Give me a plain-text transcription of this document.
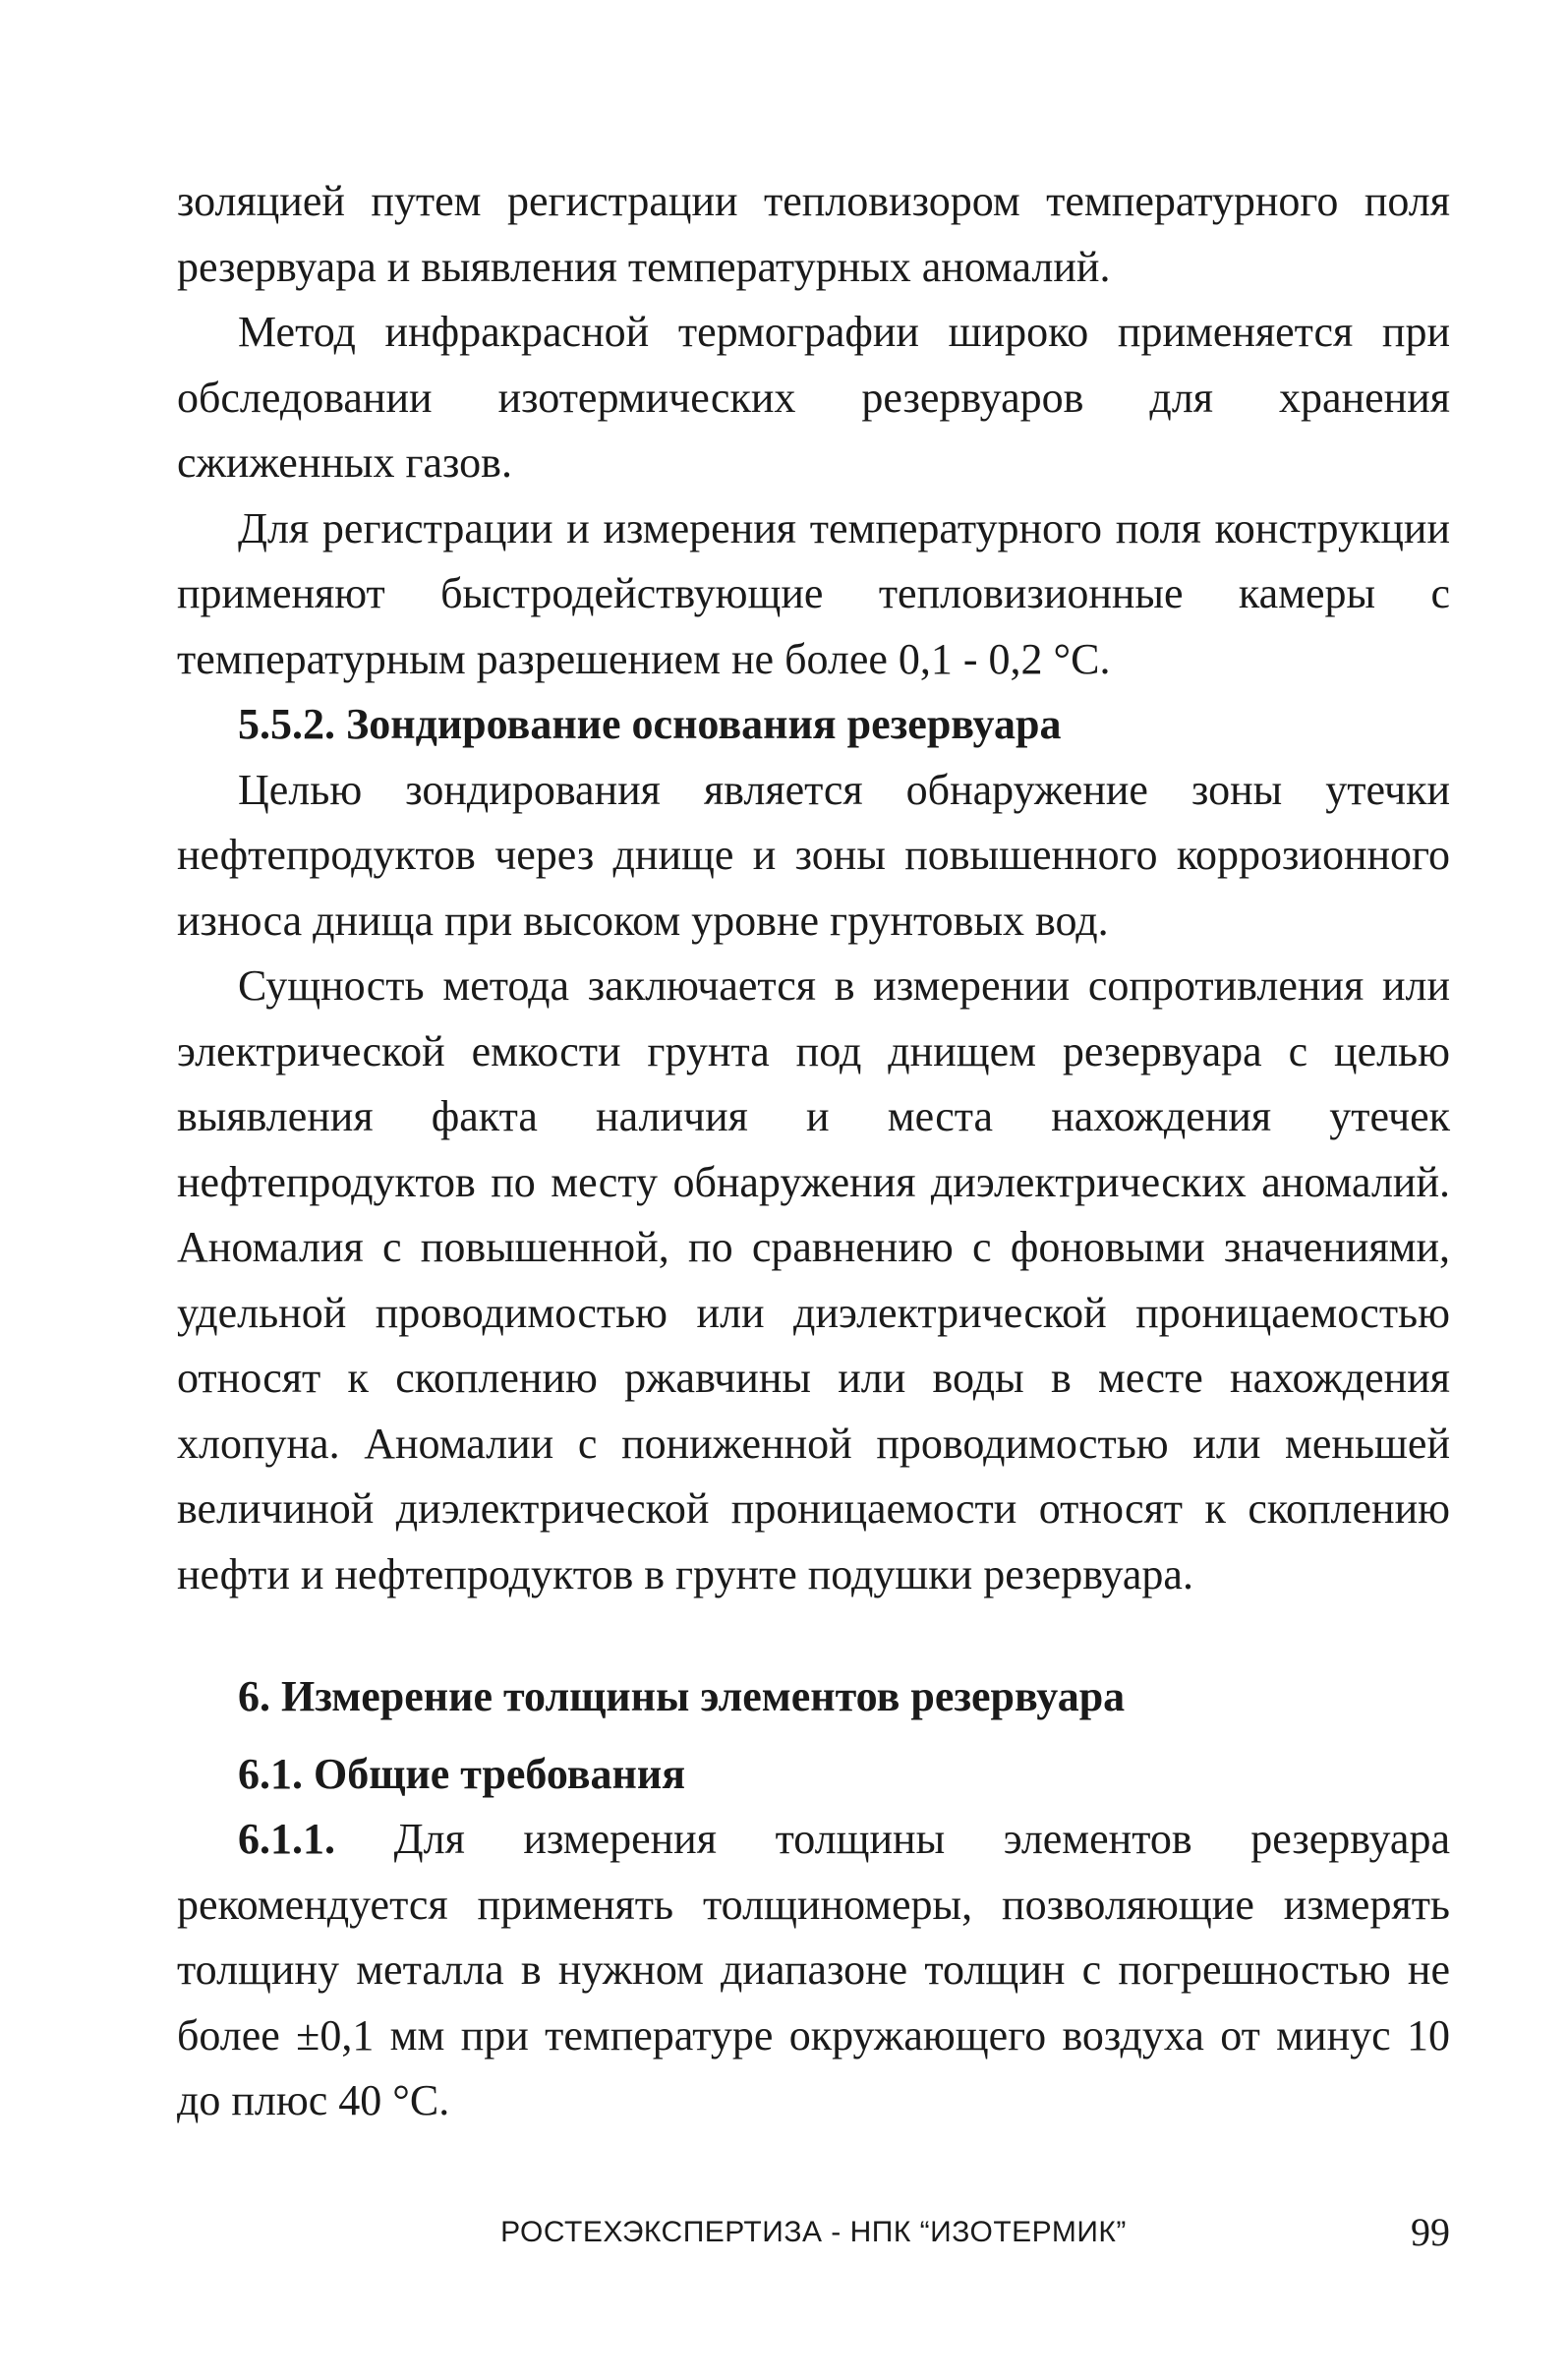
золяцией путем регистрации тепловизором температурного поля резервуара и выявления температурных аномалий.

Метод инфракрасной термографии широко применяется при обследовании изотермических резервуаров для хранения сжиженных газов.

Для регистрации и измерения температурного поля конструкции применяют быстродействующие тепловизионные камеры с температурным разрешением не более 0,1 - 0,2 °С.

5.5.2. Зондирование основания резервуара

Целью зондирования является обнаружение зоны утечки нефтепродуктов через днище и зоны повышенного коррозионного износа днища при высоком уровне грунтовых вод.

Сущность метода заключается в измерении сопротивления или электрической емкости грунта под днищем резервуара с целью выявления факта наличия и места нахождения утечек нефтепродуктов по месту обнаружения диэлектрических аномалий. Аномалия с повышенной, по сравнению с фоновыми значениями, удельной проводимостью или диэлектрической проницаемостью относят к скоплению ржавчины или воды в месте нахождения хлопуна. Аномалии с пониженной проводимостью или меньшей величиной диэлектрической проницаемости относят к скоплению нефти и нефтепродуктов в грунте подушки резервуара.

6. Измерение толщины элементов резервуара
6.1. Общие требования

6.1.1. Для измерения толщины элементов резервуара рекомендуется применять толщиномеры, позволяющие измерять толщину металла в нужном диапазоне толщин с погрешностью не более ±0,1 мм при температуре окружающего воздуха от минус 10 до плюс 40 °С.

РОСТЕХЭКСПЕРТИЗА - НПК “ИЗОТЕРМИК”	99
